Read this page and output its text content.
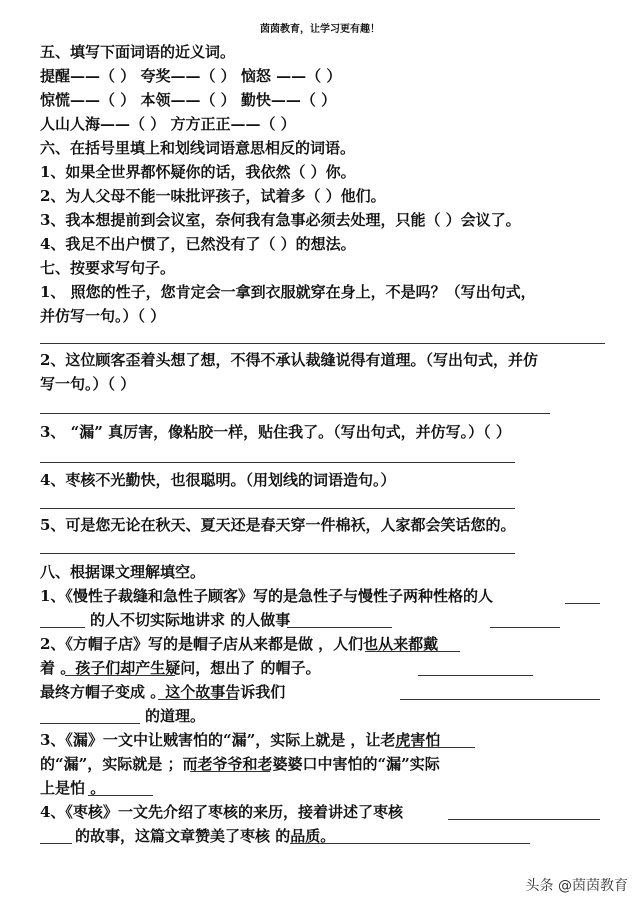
茵茵教育，让学习更有趣！
五、填写下面词语的近义词。
提醒——（ ） 夸奖——（ ） 恼怒 ——（ ）
惊慌——（ ） 本领——（ ） 勤快——（ ）
人山人海——（ ） 方方正正——（ ）
六、在括号里填上和划线词语意思相反的词语。
1、如果全世界都怀疑你的话，我依然（ ）你。
2、为人父母不能一味批评孩子，试着多（ ）他们。
3、我本想提前到会议室，奈何我有急事必须去处理，只能（ ）会议了。
4、我足不出户惯了，已然没有了（ ）的想法。
七、按要求写句子。
1、 照您的性子，您肯定会一拿到衣服就穿在身上，不是吗？（写出句式，
并仿写一句。）（ ）
2、这位顾客歪着头想了想，不得不承认裁缝说得有道理。（写出句式，并仿
写一句。）（ ）
3、 “漏” 真厉害，像粘胶一样，贴住我了。（写出句式，并仿写。）（ ）
4、枣核不光勤快，也很聪明。（用划线的词语造句。）
5、可是您无论在秋天、夏天还是春天穿一件棉袄，人家都会笑话您的。
八、根据课文理解填空。
1、《慢性子裁缝和急性子顾客》写的是急性子与慢性子两种性格的人
的人不切实际地讲求 的人做事
2、《方帽子店》写的是帽子店从来都是做 ，人们也从来都戴
着 。孩子们却产生疑问，想出了 的帽子。
最终方帽子变成 。这个故事告诉我们
的道理。
3、《漏》一文中让贼害怕的“漏”，实际上就是 ，让老虎害怕
的“漏”，实际就是 ；而老爷爷和老婆婆口中害怕的“漏”实际
上是怕 。
4、《枣核》一文先介绍了枣核的来历，接着讲述了枣核
的故事，这篇文章赞美了枣核 的品质。
头条 @茵茵教育
